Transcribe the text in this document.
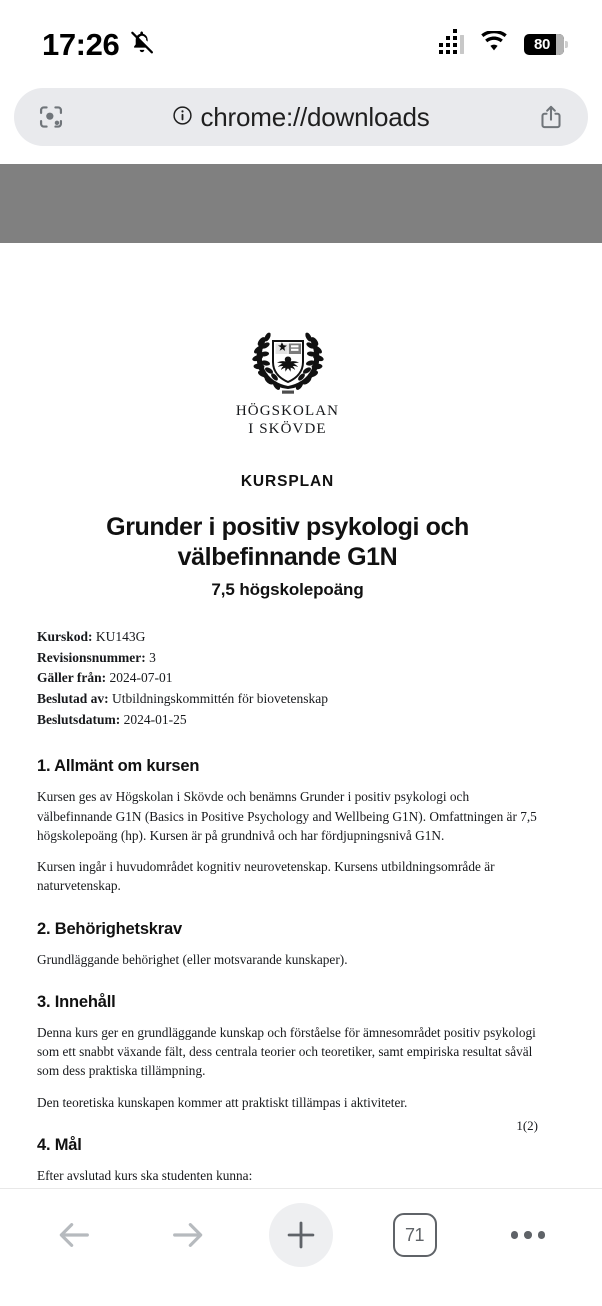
17:26	80
chrome://downloads
HÖGSKOLAN
I SKÖVDE
KURSPLAN
Grunder i positiv psykologi och välbefinnande G1N
7,5 högskolepoäng
Kurskod: KU143G
Revisionsnummer: 3
Gäller från: 2024-07-01
Beslutad av: Utbildningskommittén för biovetenskap
Beslutsdatum: 2024-01-25
1. Allmänt om kursen

Kursen ges av Högskolan i Skövde och benämns Grunder i positiv psykologi och välbefinnande G1N (Basics in Positive Psychology and Wellbeing G1N). Omfattningen är 7,5 högskolepoäng (hp). Kursen är på grundnivå och har fördjupningsnivå G1N.

Kursen ingår i huvudområdet kognitiv neurovetenskap. Kursens utbildningsområde är naturvetenskap.

2. Behörighetskrav

Grundläggande behörighet (eller motsvarande kunskaper).

3. Innehåll

Denna kurs ger en grundläggande kunskap och förståelse för ämnesområdet positiv psykologi som ett snabbt växande fält, dess centrala teorier och teoretiker, samt empiriska resultat såväl som dess praktiska tillämpning.

Den teoretiska kunskapen kommer att praktiskt tillämpas i aktiviteter.

4. Mål

Efter avslutad kurs ska studenten kunna:

1(2)
71
